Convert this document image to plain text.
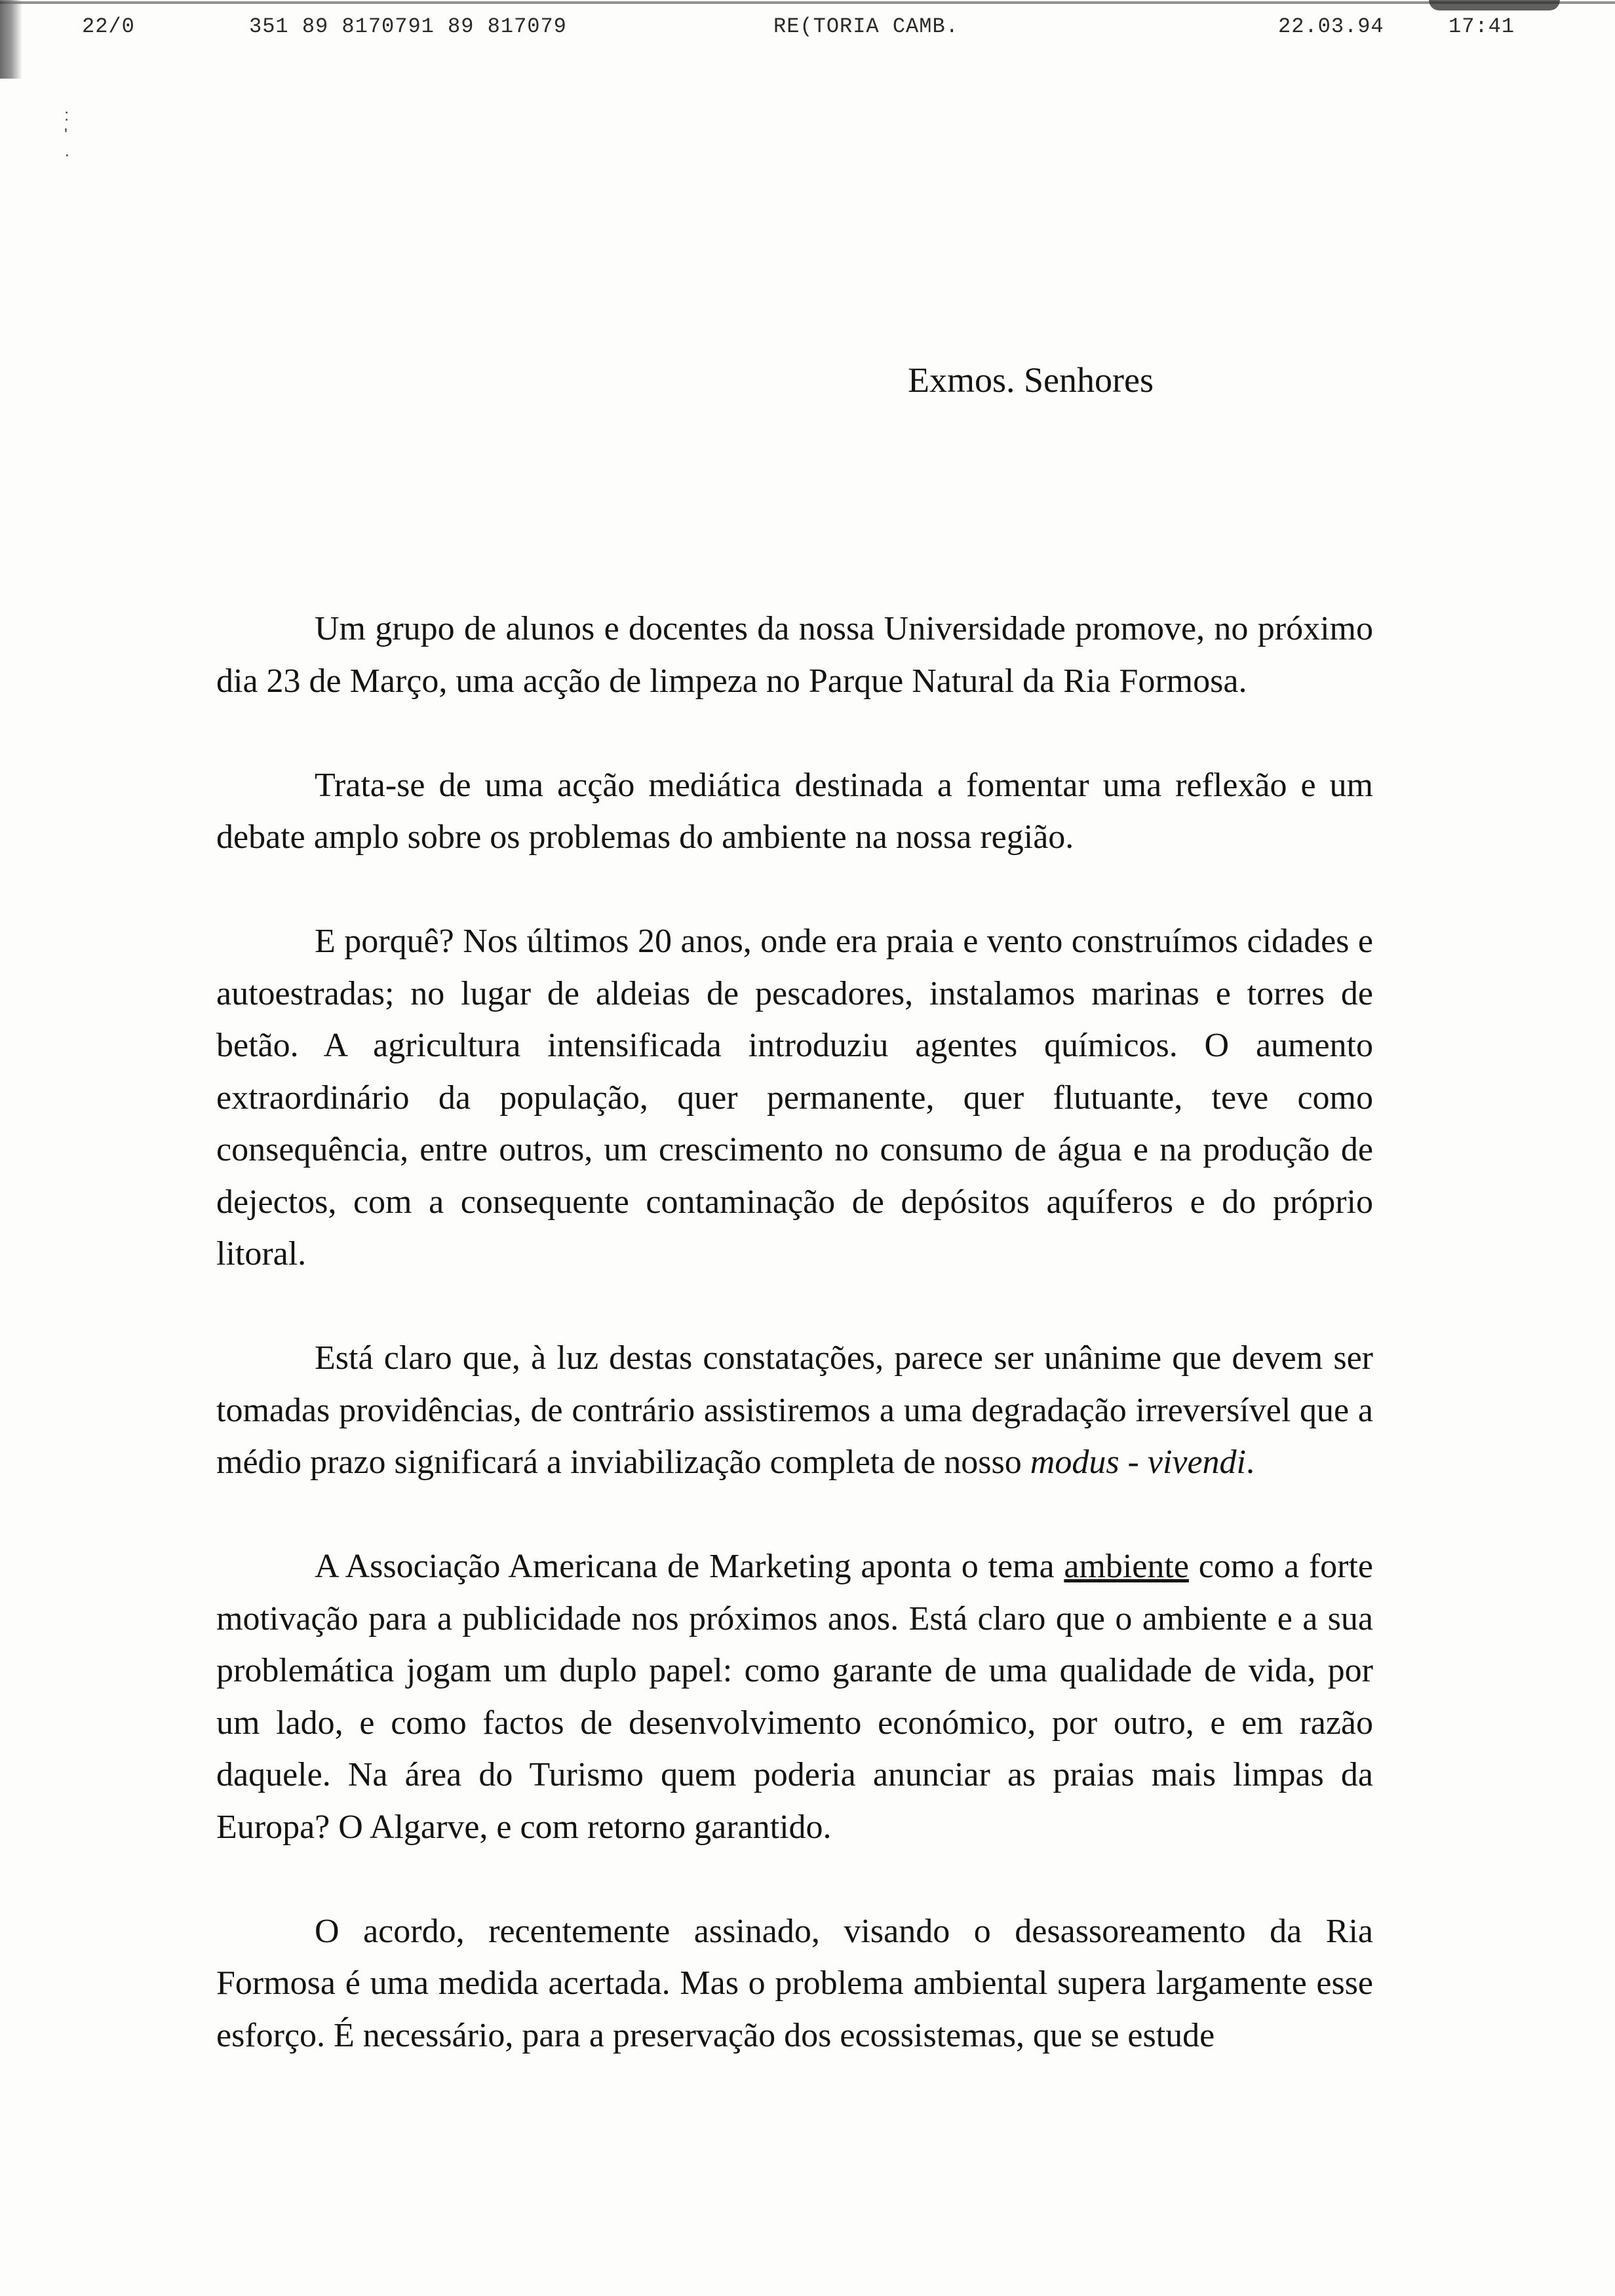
22/0	351 89 8170791 89 817079	RE(TORIA CAMB.	22.03.94	17:41
: ' ·
Exmos. Senhores

Um grupo de alunos e docentes da nossa Universidade promove, no próximo dia 23 de Março, uma acção de limpeza no Parque Natural da Ria Formosa.

Trata-se de uma acção mediática destinada a fomentar uma reflexão e um debate amplo sobre os problemas do ambiente na nossa região.

E porquê? Nos últimos 20 anos, onde era praia e vento construímos cidades e autoestradas; no lugar de aldeias de pescadores, instalamos marinas e torres de betão. A agricultura intensificada introduziu agentes químicos. O aumento extraordinário da população, quer permanente, quer flutuante, teve como consequência, entre outros, um crescimento no consumo de água e na produção de dejectos, com a consequente contaminação de depósitos aquíferos e do próprio litoral.

Está claro que, à luz destas constatações, parece ser unânime que devem ser tomadas providências, de contrário assistiremos a uma degradação irreversível que a médio prazo significará a inviabilização completa de nosso modus - vivendi.

A Associação Americana de Marketing aponta o tema ambiente como a forte motivação para a publicidade nos próximos anos. Está claro que o ambiente e a sua problemática jogam um duplo papel: como garante de uma qualidade de vida, por um lado, e como factos de desenvolvimento económico, por outro, e em razão daquele. Na área do Turismo quem poderia anunciar as praias mais limpas da Europa? O Algarve, e com retorno garantido.

O acordo, recentemente assinado, visando o desassoreamento da Ria Formosa é uma medida acertada. Mas o problema ambiental supera largamente esse esforço. É necessário, para a preservação dos ecossistemas, que se estude
